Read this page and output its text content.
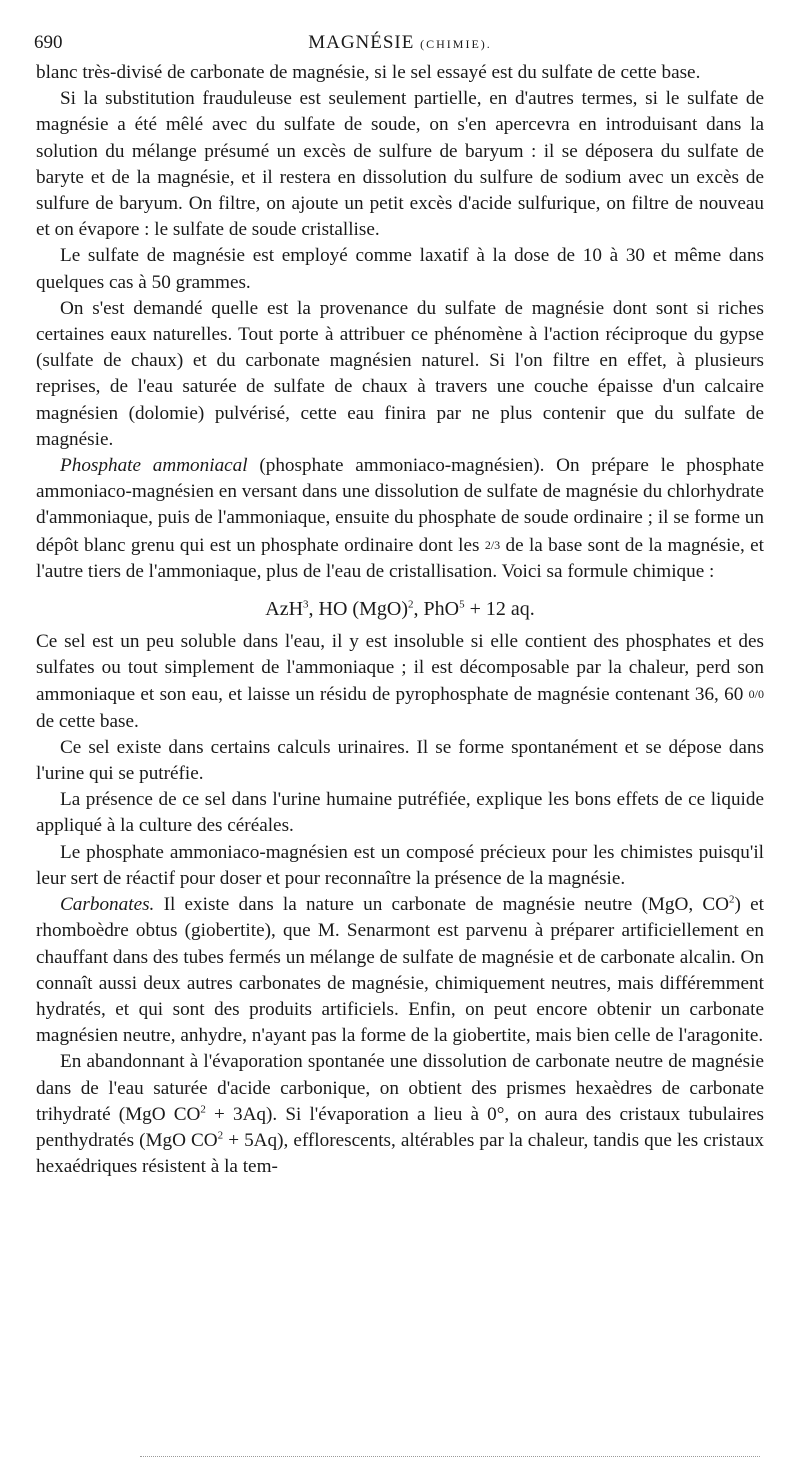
690	MAGNÉSIE (CHIMIE).

blanc très-divisé de carbonate de magnésie, si le sel essayé est du sulfate de cette base.

Si la substitution frauduleuse est seulement partielle, en d'autres termes, si le sulfate de magnésie a été mêlé avec du sulfate de soude, on s'en apercevra en introduisant dans la solution du mélange présumé un excès de sulfure de baryum : il se déposera du sulfate de baryte et de la magnésie, et il restera en dissolution du sulfure de sodium avec un excès de sulfure de baryum. On filtre, on ajoute un petit excès d'acide sulfurique, on filtre de nouveau et on évapore : le sulfate de soude cristallise.

Le sulfate de magnésie est employé comme laxatif à la dose de 10 à 30 et même dans quelques cas à 50 grammes.

On s'est demandé quelle est la provenance du sulfate de magnésie dont sont si riches certaines eaux naturelles. Tout porte à attribuer ce phénomène à l'action réciproque du gypse (sulfate de chaux) et du carbonate magnésien naturel. Si l'on filtre en effet, à plusieurs reprises, de l'eau saturée de sulfate de chaux à travers une couche épaisse d'un calcaire magnésien (dolomie) pulvérisé, cette eau finira par ne plus contenir que du sulfate de magnésie.

Phosphate ammoniacal (phosphate ammoniaco-magnésien). On prépare le phosphate ammoniaco-magnésien en versant dans une dissolution de sulfate de magnésie du chlorhydrate d'ammoniaque, puis de l'ammoniaque, ensuite du phosphate de soude ordinaire ; il se forme un dépôt blanc grenu qui est un phosphate ordinaire dont les 2/3 de la base sont de la magnésie, et l'autre tiers de l'ammoniaque, plus de l'eau de cristallisation. Voici sa formule chimique :

AzH$^3$, HO (MgO)$^2$, PhO$^5$ + 12 aq.

Ce sel est un peu soluble dans l'eau, il y est insoluble si elle contient des phosphates et des sulfates ou tout simplement de l'ammoniaque ; il est décomposable par la chaleur, perd son ammoniaque et son eau, et laisse un résidu de pyrophosphate de magnésie contenant 36, 60 0/0 de cette base.

Ce sel existe dans certains calculs urinaires. Il se forme spontanément et se dépose dans l'urine qui se putréfie.

La présence de ce sel dans l'urine humaine putréfiée, explique les bons effets de ce liquide appliqué à la culture des céréales.

Le phosphate ammoniaco-magnésien est un composé précieux pour les chimistes puisqu'il leur sert de réactif pour doser et pour reconnaître la présence de la magnésie.

Carbonates. Il existe dans la nature un carbonate de magnésie neutre (MgO, $CO^2$) et rhomboèdre obtus (giobertite), que M. Senarmont est parvenu à préparer artificiellement en chauffant dans des tubes fermés un mélange de sulfate de magnésie et de carbonate alcalin. On connaît aussi deux autres carbonates de magnésie, chimiquement neutres, mais différemment hydratés, et qui sont des produits artificiels. Enfin, on peut encore obtenir un carbonate magnésien neutre, anhydre, n'ayant pas la forme de la giobertite, mais bien celle de l'aragonite.

En abandonnant à l'évaporation spontanée une dissolution de carbonate neutre de magnésie dans de l'eau saturée d'acide carbonique, on obtient des prismes hexaèdres de carbonate trihydraté (MgO $CO^2 + 3Aq$). Si l'évaporation a lieu à 0°, on aura des cristaux tubulaires penthydratés (MgO $CO^2 + 5Aq$), efflorescents, altérables par la chaleur, tandis que les cristaux hexaédriques résistent à la tem-
